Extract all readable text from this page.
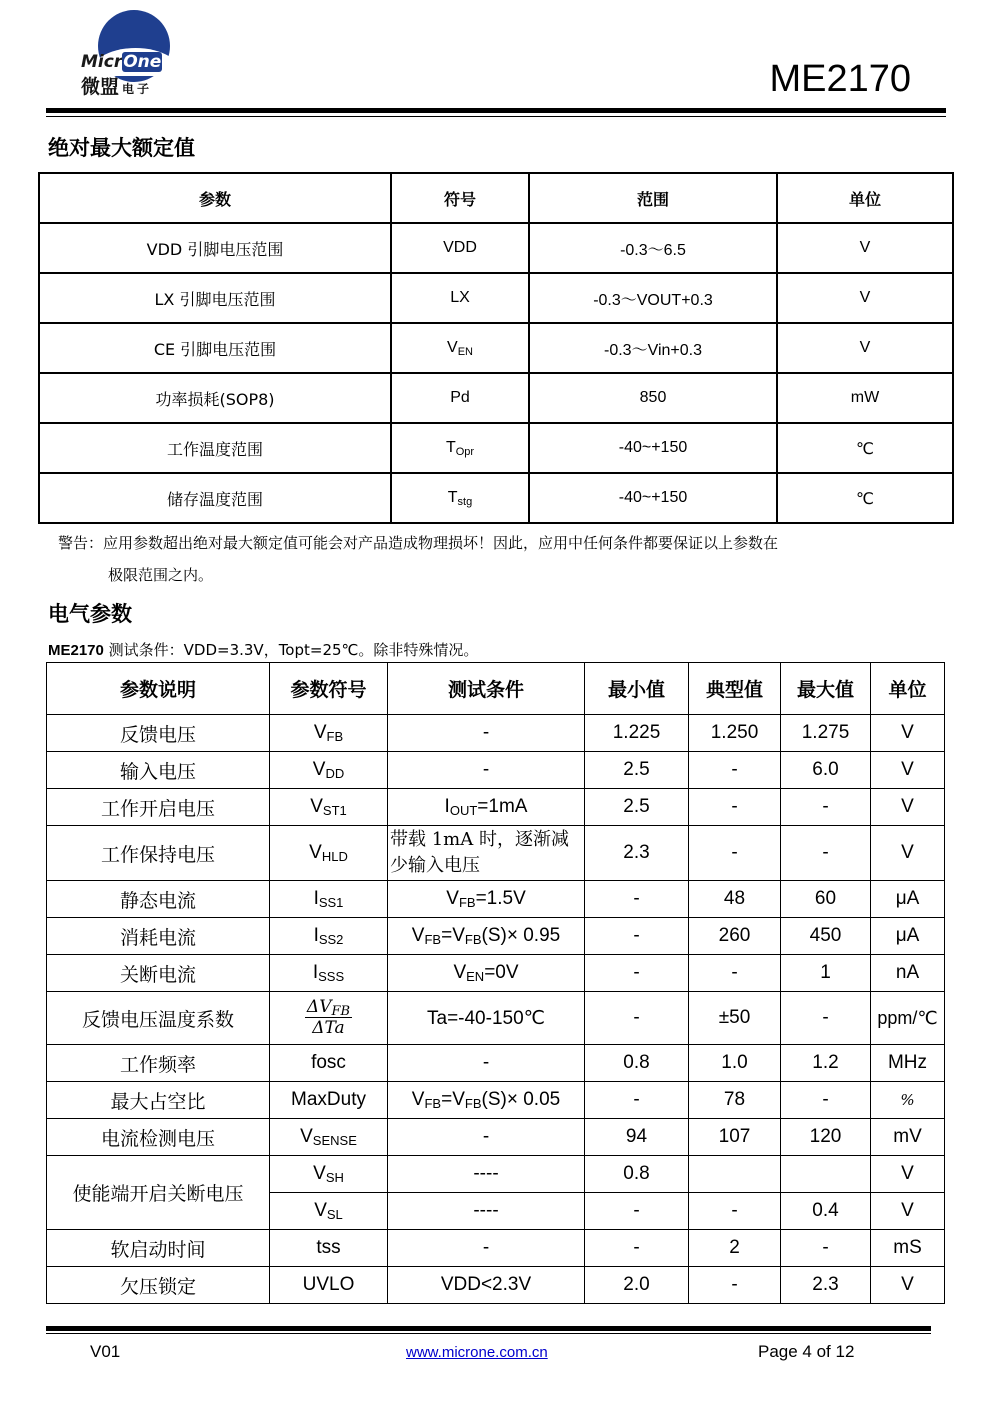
MicrOne
微盟 电子	ME2170
绝对最大额定值
参数	符号	范围	单位
VDD 引脚电压范围	VDD	-0.3～6.5	V
LX 引脚电压范围	LX	-0.3～VOUT+0.3	V
CE 引脚电压范围	$V_{EN}$	-0.3～Vin+0.3	V
功率损耗(SOP8)	Pd	850	mW
工作温度范围	$T_{Opr}$	-40~+150	℃
储存温度范围	$T_{stg}$	-40~+150	℃
警告：应用参数超出绝对最大额定值可能会对产品造成物理损坏！因此，应用中任何条件都要保证以上参数在
极限范围之内。
电气参数
ME2170 测试条件：VDD=3.3V，Topt=25℃。除非特殊情况。
参数说明	参数符号	测试条件	最小值	典型值	最大值	单位
反馈电压	$V_{FB}$	-	1.225	1.250	1.275	V
输入电压	$V_{DD}$	-	2.5	-	6.0	V
工作开启电压	$V_{ST1}$	$I_{OUT}=1mA$	2.5	-	-	V
工作保持电压	$V_{HLD}$	带载 1mA 时，逐渐减少输入电压	2.3	-	-	V
静态电流	$I_{SS1}$	$V_{FB}=1.5V$	-	48	60	μA
消耗电流	$I_{SS2}$	$V_{FB}=V_{FB}(S)\times 0.95$	-	260	450	μA
关断电流	$I_{SSS}$	$V_{EN}=0V$	-	-	1	nA
反馈电压温度系数	$\frac{\Delta V_{FB}}{\text{ΔTa}}$	Ta=-40-150℃	-	±50	-	ppm/℃
工作频率	fosc	-	0.8	1.0	1.2	MHz
最大占空比	MaxDuty	$V_{FB}=V_{FB}(S)\times 0.05$	-	78	-	%
电流检测电压	$V_{SENSE}$	-	94	107	120	mV
使能端开启关断电压	$V_{SH}$	----	0.8			V
	$V_{SL}$	----	-	-	0.4	V
软启动时间	tss	-	-	2	-	mS
欠压锁定	UVLO	VDD<2.3V	2.0	-	2.3	V
V01	www.microne.com.cn	Page 4 of 12
